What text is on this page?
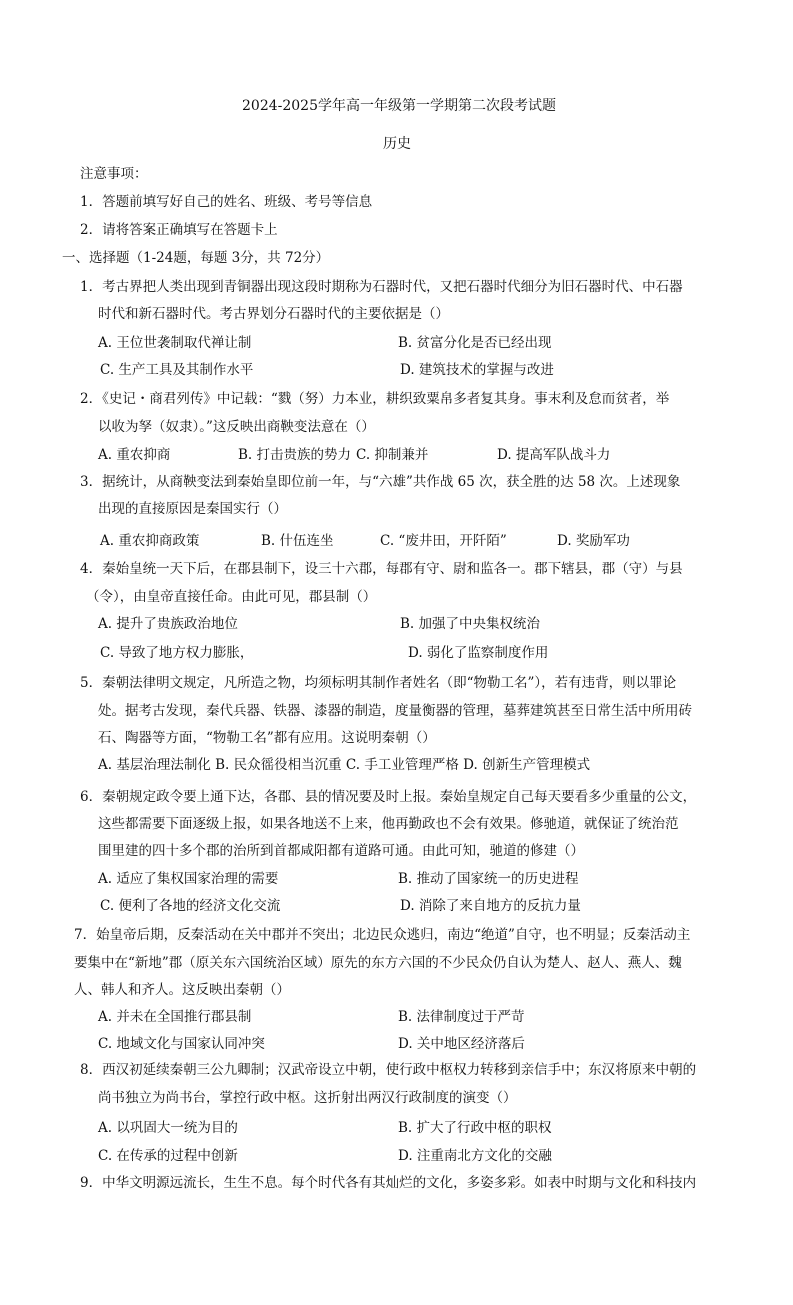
2024-2025学年高一年级第一学期第二次段考试题
历史
注意事项：
1．答题前填写好自己的姓名、班级、考号等信息
2．请将答案正确填写在答题卡上
一、选择题（1-24题，每题 3分，共 72分）
1．考古界把人类出现到青铜器出现这段时期称为石器时代，又把石器时代细分为旧石器时代、中石器
时代和新石器时代。考古界划分石器时代的主要依据是（）
A. 王位世袭制取代禅让制	B. 贫富分化是否已经出现
C. 生产工具及其制作水平	D. 建筑技术的掌握与改进
2．《史记・商君列传》中记载：“戮（努）力本业，耕织致粟帛多者复其身。事末利及怠而贫者，举
以收为孥（奴隶）。”这反映出商鞅变法意在（）
A. 重农抑商	B. 打击贵族的势力 C. 抑制兼并	D. 提高军队战斗力
3．据统计，从商鞅变法到秦始皇即位前一年，与“六雄”共作战 65 次，获全胜的达 58 次。上述现象
出现的直接原因是秦国实行（）
A. 重农抑商政策	B. 什伍连坐	C. “废井田，开阡陌”	D. 奖励军功
4．秦始皇统一天下后，在郡县制下，设三十六郡，每郡有守、尉和监各一。郡下辖县，郡（守）与县
（令），由皇帝直接任命。由此可见，郡县制（）
A. 提升了贵族政治地位	B. 加强了中央集权统治
C. 导致了地方权力膨胀，	D. 弱化了监察制度作用
5．秦朝法律明文规定，凡所造之物，均须标明其制作者姓名（即“物勒工名”），若有违背，则以罪论
处。据考古发现，秦代兵器、铁器、漆器的制造，度量衡器的管理，墓葬建筑甚至日常生活中所用砖
石、陶器等方面，“物勒工名”都有应用。这说明秦朝（）
A. 基层治理法制化 B. 民众徭役相当沉重 C. 手工业管理严格 D. 创新生产管理模式
6．秦朝规定政令要上通下达，各郡、县的情况要及时上报。秦始皇规定自己每天要看多少重量的公文，
这些都需要下面逐级上报，如果各地送不上来，他再勤政也不会有效果。修驰道，就保证了统治范
围里建的四十多个郡的治所到首都咸阳都有道路可通。由此可知，驰道的修建（）
A. 适应了集权国家治理的需要	B. 推动了国家统一的历史进程
C. 便利了各地的经济文化交流	D. 消除了来自地方的反抗力量
7．始皇帝后期，反秦活动在关中郡并不突出；北边民众逃归，南边“绝道”自守，也不明显；反秦活动主
要集中在“新地”郡（原关东六国统治区域）原先的东方六国的不少民众仍自认为楚人、赵人、燕人、魏
人、韩人和齐人。这反映出秦朝（）
A. 并未在全国推行郡县制	B. 法律制度过于严苛
C. 地域文化与国家认同冲突	D. 关中地区经济落后
8．西汉初延续秦朝三公九卿制；汉武帝设立中朝，使行政中枢权力转移到亲信手中；东汉将原来中朝的
尚书独立为尚书台，掌控行政中枢。这折射出两汉行政制度的演变（）
A. 以巩固大一统为目的	B. 扩大了行政中枢的职权
C. 在传承的过程中创新	D. 注重南北方文化的交融
9．中华文明源远流长，生生不息。每个时代各有其灿烂的文化，多姿多彩。如表中时期与文化和科技内
